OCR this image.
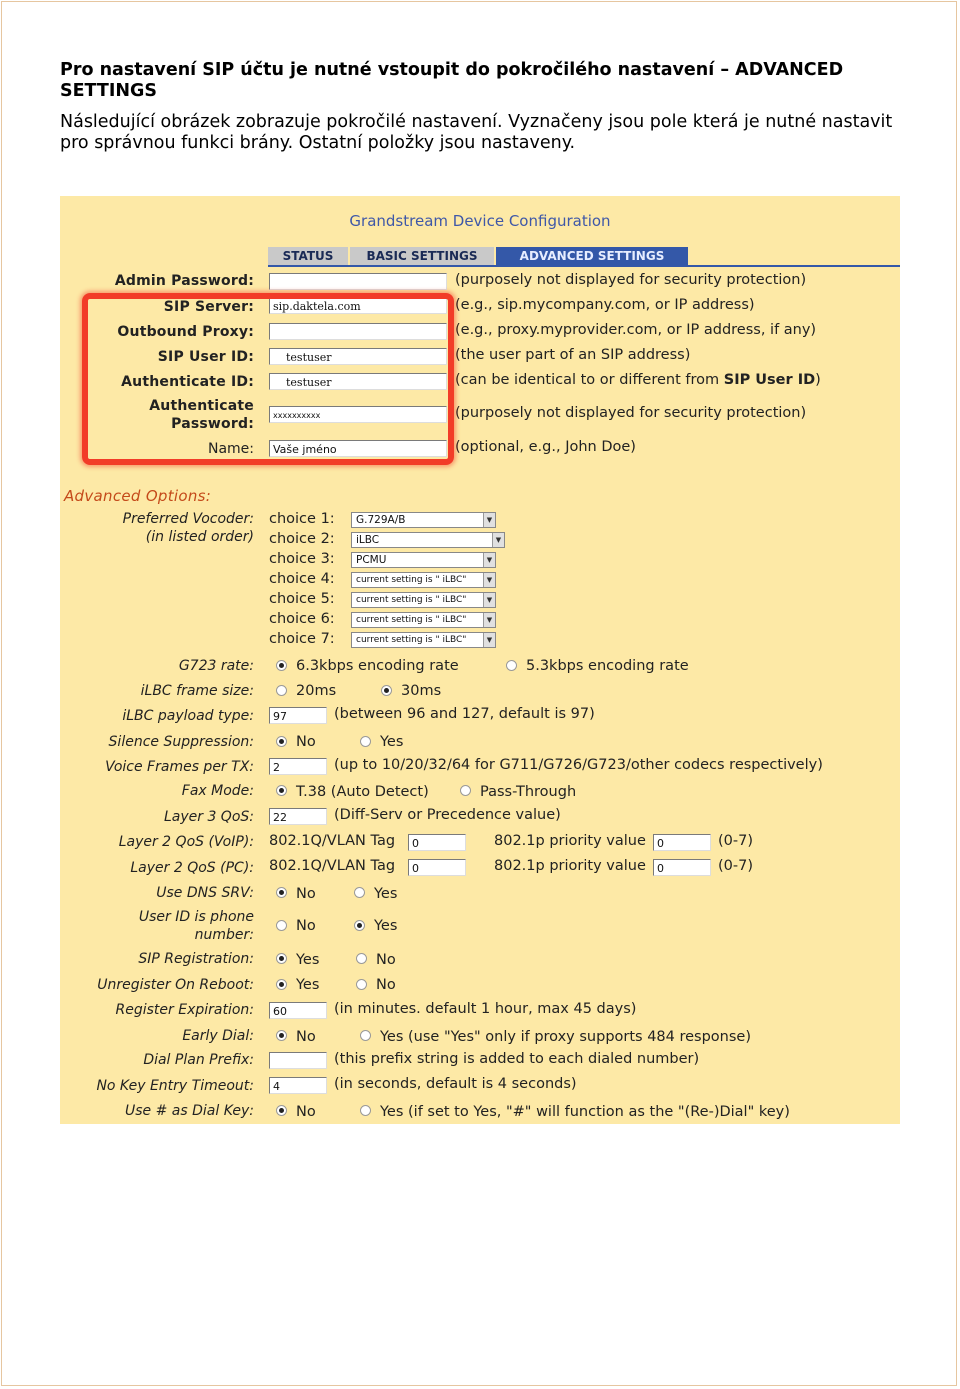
Pro nastavení SIP účtu je nutné vstoupit do pokročilého nastavení – ADVANCED SETTINGS

Následující obrázek zobrazuje pokročilé nastavení. Vyznačeny jsou pole která je nutné nastavit pro správnou funkci brány. Ostatní položky jsou nastaveny.

Grandstream Device Configuration
STATUS	BASIC SETTINGS	ADVANCED SETTINGS
Admin Password:	(purposely not displayed for security protection)
SIP Server:	sip.daktela.com	(e.g., sip.mycompany.com, or IP address)
Outbound Proxy:	(e.g., proxy.myprovider.com, or IP address, if any)
SIP User ID:	testuser	(the user part of an SIP address)
Authenticate ID:	testuser	(can be identical to or different from SIP User ID)
Authenticate
Password:
xxxxxxxxxx	(purposely not displayed for security protection)
Name:	Vaše jméno	(optional, e.g., John Doe)
Advanced Options:
Preferred Vocoder:
(in listed order)
choice 1:	G.729A/B	▼
choice 2:	iLBC	▼
choice 3:	PCMU	▼
choice 4:	current setting is " iLBC"	▼
choice 5:	current setting is " iLBC"	▼
choice 6:	current setting is " iLBC"	▼
choice 7:	current setting is " iLBC"	▼
G723 rate:	6.3kbps encoding rate	5.3kbps encoding rate
iLBC frame size:	20ms	30ms
iLBC payload type:	97	(between 96 and 127, default is 97)
Silence Suppression:	No	Yes
Voice Frames per TX:	2	(up to 10/20/32/64 for G711/G726/G723/other codecs respectively)
Fax Mode:	T.38 (Auto Detect)	Pass-Through
Layer 3 QoS:	22	(Diff-Serv or Precedence value)
Layer 2 QoS (VoIP): 802.1Q/VLAN Tag	0	802.1p priority value	0	(0-7)
Layer 2 QoS (PC): 802.1Q/VLAN Tag	0	802.1p priority value	0	(0-7)
Use DNS SRV:	No	Yes
User ID is phone
number:
No	Yes
SIP Registration:	Yes	No
Unregister On Reboot:	Yes	No
Register Expiration:	60	(in minutes. default 1 hour, max 45 days)
Early Dial:	No	Yes (use "Yes" only if proxy supports 484 response)
Dial Plan Prefix:	(this prefix string is added to each dialed number)
No Key Entry Timeout:	4	(in seconds, default is 4 seconds)
Use # as Dial Key:	No	Yes (if set to Yes, "#" will function as the "(Re-)Dial" key)
